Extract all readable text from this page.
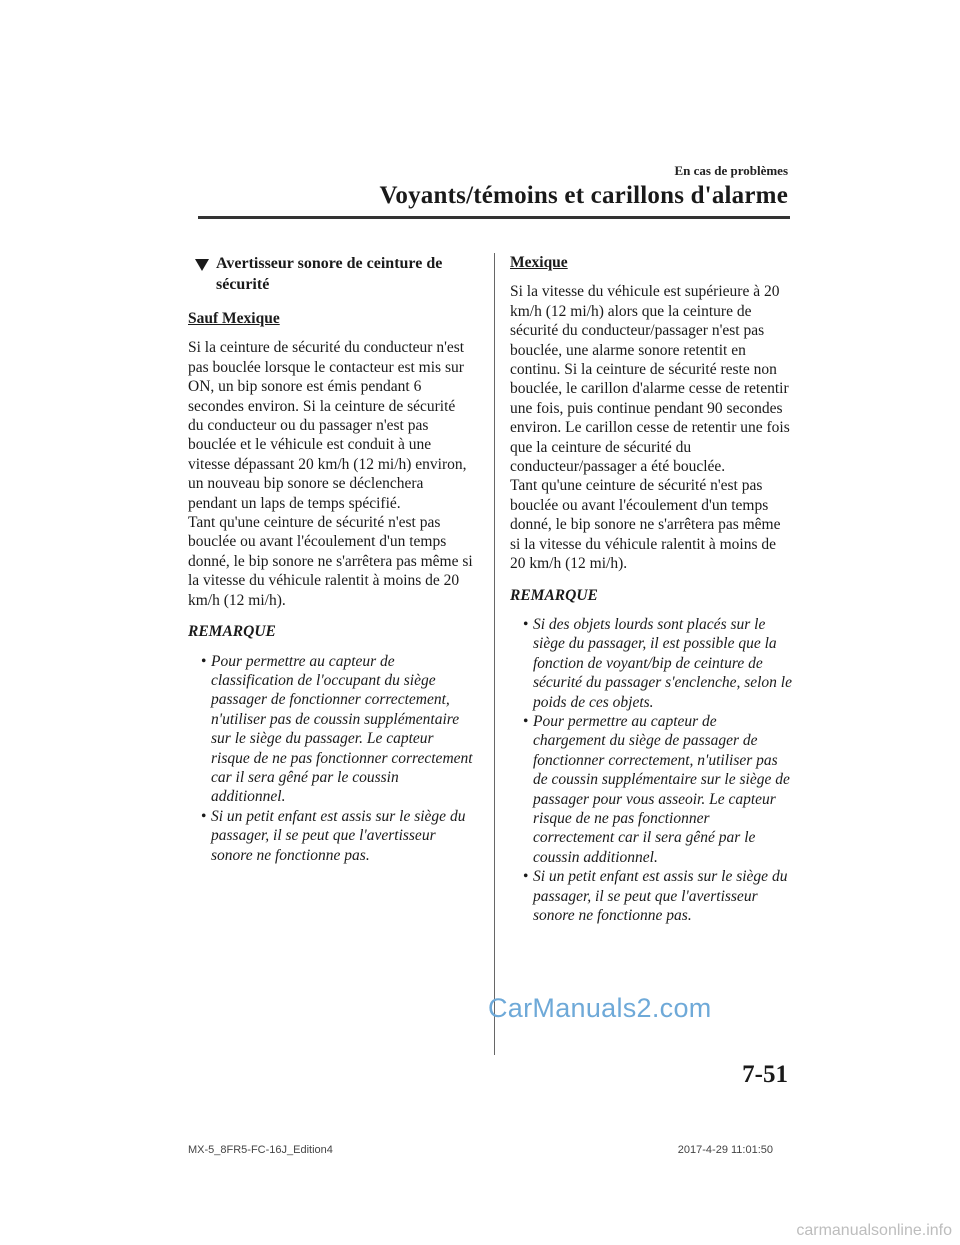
En cas de problèmes
Voyants/témoins et carillons d'alarme
Avertisseur sonore de ceinture de sécurité
Sauf Mexique

Si la ceinture de sécurité du conducteur n'est pas bouclée lorsque le contacteur est mis sur ON, un bip sonore est émis pendant 6 secondes environ. Si la ceinture de sécurité du conducteur ou du passager n'est pas bouclée et le véhicule est conduit à une vitesse dépassant 20 km/h (12 mi/h) environ, un nouveau bip sonore se déclenchera pendant un laps de temps spécifié.

Tant qu'une ceinture de sécurité n'est pas bouclée ou avant l'écoulement d'un temps donné, le bip sonore ne s'arrêtera pas même si la vitesse du véhicule ralentit à moins de 20 km/h (12 mi/h).

REMARQUE
• Pour permettre au capteur de classification de l'occupant du siège passager de fonctionner correctement, n'utiliser pas de coussin supplémentaire sur le siège du passager. Le capteur risque de ne pas fonctionner correctement car il sera gêné par le coussin additionnel.
• Si un petit enfant est assis sur le siège du passager, il se peut que l'avertisseur sonore ne fonctionne pas.
Mexique

Si la vitesse du véhicule est supérieure à 20 km/h (12 mi/h) alors que la ceinture de sécurité du conducteur/passager n'est pas bouclée, une alarme sonore retentit en continu. Si la ceinture de sécurité reste non bouclée, le carillon d'alarme cesse de retentir une fois, puis continue pendant 90 secondes environ. Le carillon cesse de retentir une fois que la ceinture de sécurité du conducteur/passager a été bouclée.

Tant qu'une ceinture de sécurité n'est pas bouclée ou avant l'écoulement d'un temps donné, le bip sonore ne s'arrêtera pas même si la vitesse du véhicule ralentit à moins de 20 km/h (12 mi/h).

REMARQUE
• Si des objets lourds sont placés sur le siège du passager, il est possible que la fonction de voyant/bip de ceinture de sécurité du passager s'enclenche, selon le poids de ces objets.
• Pour permettre au capteur de chargement du siège de passager de fonctionner correctement, n'utiliser pas de coussin supplémentaire sur le siège de passager pour vous asseoir. Le capteur risque de ne pas fonctionner correctement car il sera gêné par le coussin additionnel.
• Si un petit enfant est assis sur le siège du passager, il se peut que l'avertisseur sonore ne fonctionne pas.
CarManuals2.com
7-51
MX-5_8FR5-FC-16J_Edition4	2017-4-29 11:01:50
carmanualsonline.info
